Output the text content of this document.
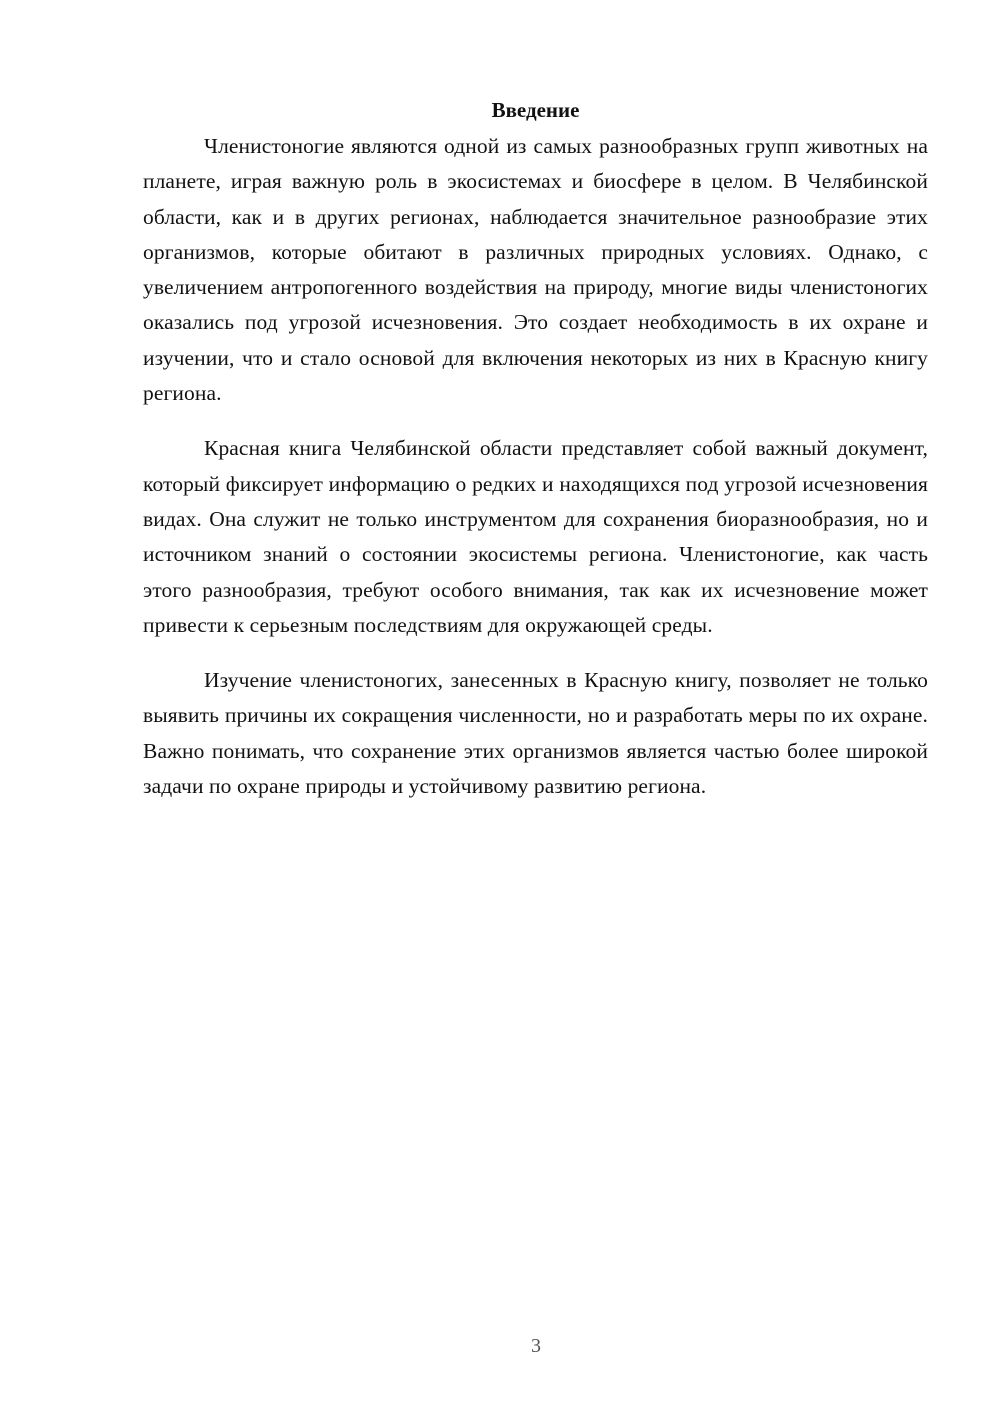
Введение

Членистоногие являются одной из самых разнообразных групп животных на планете, играя важную роль в экосистемах и биосфере в целом. В Челябинской области, как и в других регионах, наблюдается значительное разнообразие этих организмов, которые обитают в различных природных условиях. Однако, с увеличением антропогенного воздействия на природу, многие виды членистоногих оказались под угрозой исчезновения. Это создает необходимость в их охране и изучении, что и стало основой для включения некоторых из них в Красную книгу региона.

Красная книга Челябинской области представляет собой важный документ, который фиксирует информацию о редких и находящихся под угрозой исчезновения видах. Она служит не только инструментом для сохранения биоразнообразия, но и источником знаний о состоянии экосистемы региона. Членистоногие, как часть этого разнообразия, требуют особого внимания, так как их исчезновение может привести к серьезным последствиям для окружающей среды.

Изучение членистоногих, занесенных в Красную книгу, позволяет не только выявить причины их сокращения численности, но и разработать меры по их охране. Важно понимать, что сохранение этих организмов является частью более широкой задачи по охране природы и устойчивому развитию региона.

3
